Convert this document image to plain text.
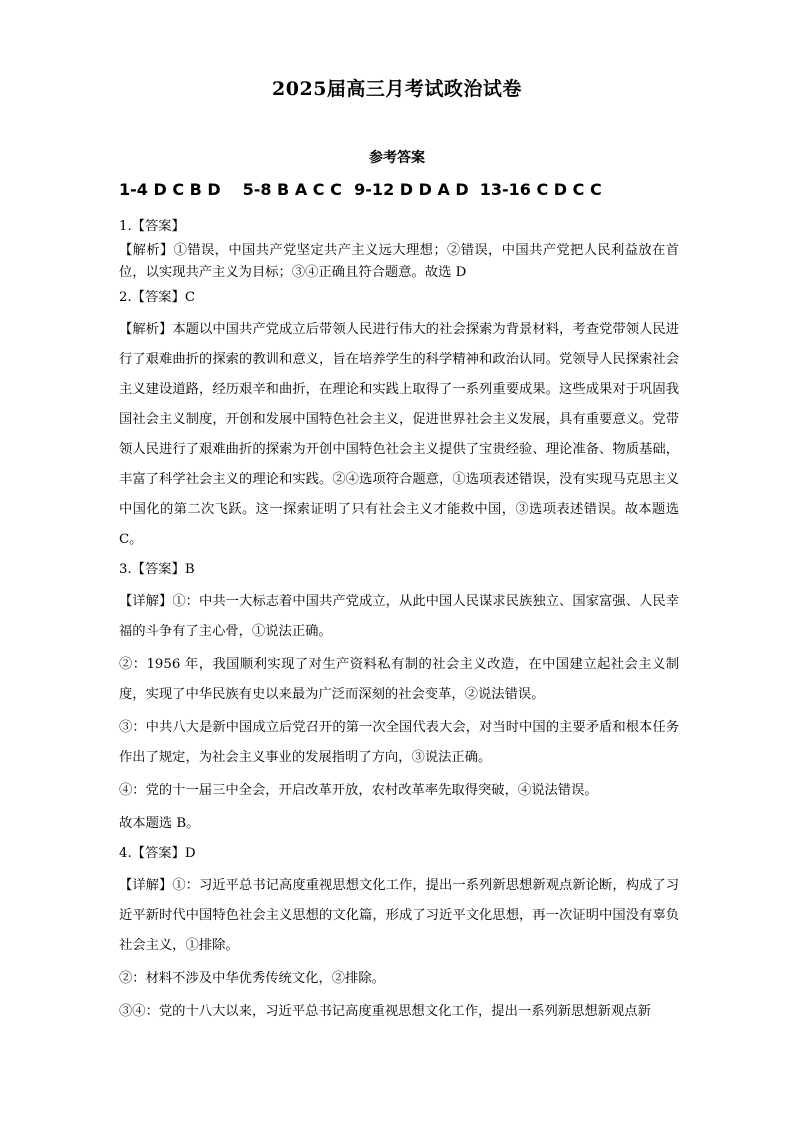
2025届高三月考试政治试卷
参考答案
1-4 D C B D 5-8 B A C C 9-12 D D A D 13-16 C D C C

1.【答案】

【解析】①错误，中国共产党坚定共产主义远大理想；②错误，中国共产党把人民利益放在首位，以实现共产主义为目标；③④正确且符合题意。故选 D

2.【答案】C

【解析】本题以中国共产党成立后带领人民进行伟大的社会探索为背景材料，考查党带领人民进行了艰难曲折的探索的教训和意义，旨在培养学生的科学精神和政治认同。党领导人民探索社会主义建设道路，经历艰辛和曲折，在理论和实践上取得了一系列重要成果。这些成果对于巩固我国社会主义制度，开创和发展中国特色社会主义，促进世界社会主义发展，具有重要意义。党带领人民进行了艰难曲折的探索为开创中国特色社会主义提供了宝贵经验、理论准备、物质基础，丰富了科学社会主义的理论和实践。②④选项符合题意，①选项表述错误，没有实现马克思主义中国化的第二次飞跃。这一探索证明了只有社会主义才能救中国，③选项表述错误。故本题选 C。

3.【答案】B

【详解】①：中共一大标志着中国共产党成立，从此中国人民谋求民族独立、国家富强、人民幸福的斗争有了主心骨，①说法正确。

②：1956 年，我国顺利实现了对生产资料私有制的社会主义改造，在中国建立起社会主义制度，实现了中华民族有史以来最为广泛而深刻的社会变革，②说法错误。

③：中共八大是新中国成立后党召开的第一次全国代表大会，对当时中国的主要矛盾和根本任务作出了规定，为社会主义事业的发展指明了方向，③说法正确。

④：党的十一届三中全会，开启改革开放，农村改革率先取得突破，④说法错误。

故本题选 B。

4.【答案】D

【详解】①：习近平总书记高度重视思想文化工作，提出一系列新思想新观点新论断，构成了习近平新时代中国特色社会主义思想的文化篇，形成了习近平文化思想，再一次证明中国没有辜负社会主义，①排除。

②：材料不涉及中华优秀传统文化，②排除。

③④：党的十八大以来，习近平总书记高度重视思想文化工作，提出一系列新思想新观点新
